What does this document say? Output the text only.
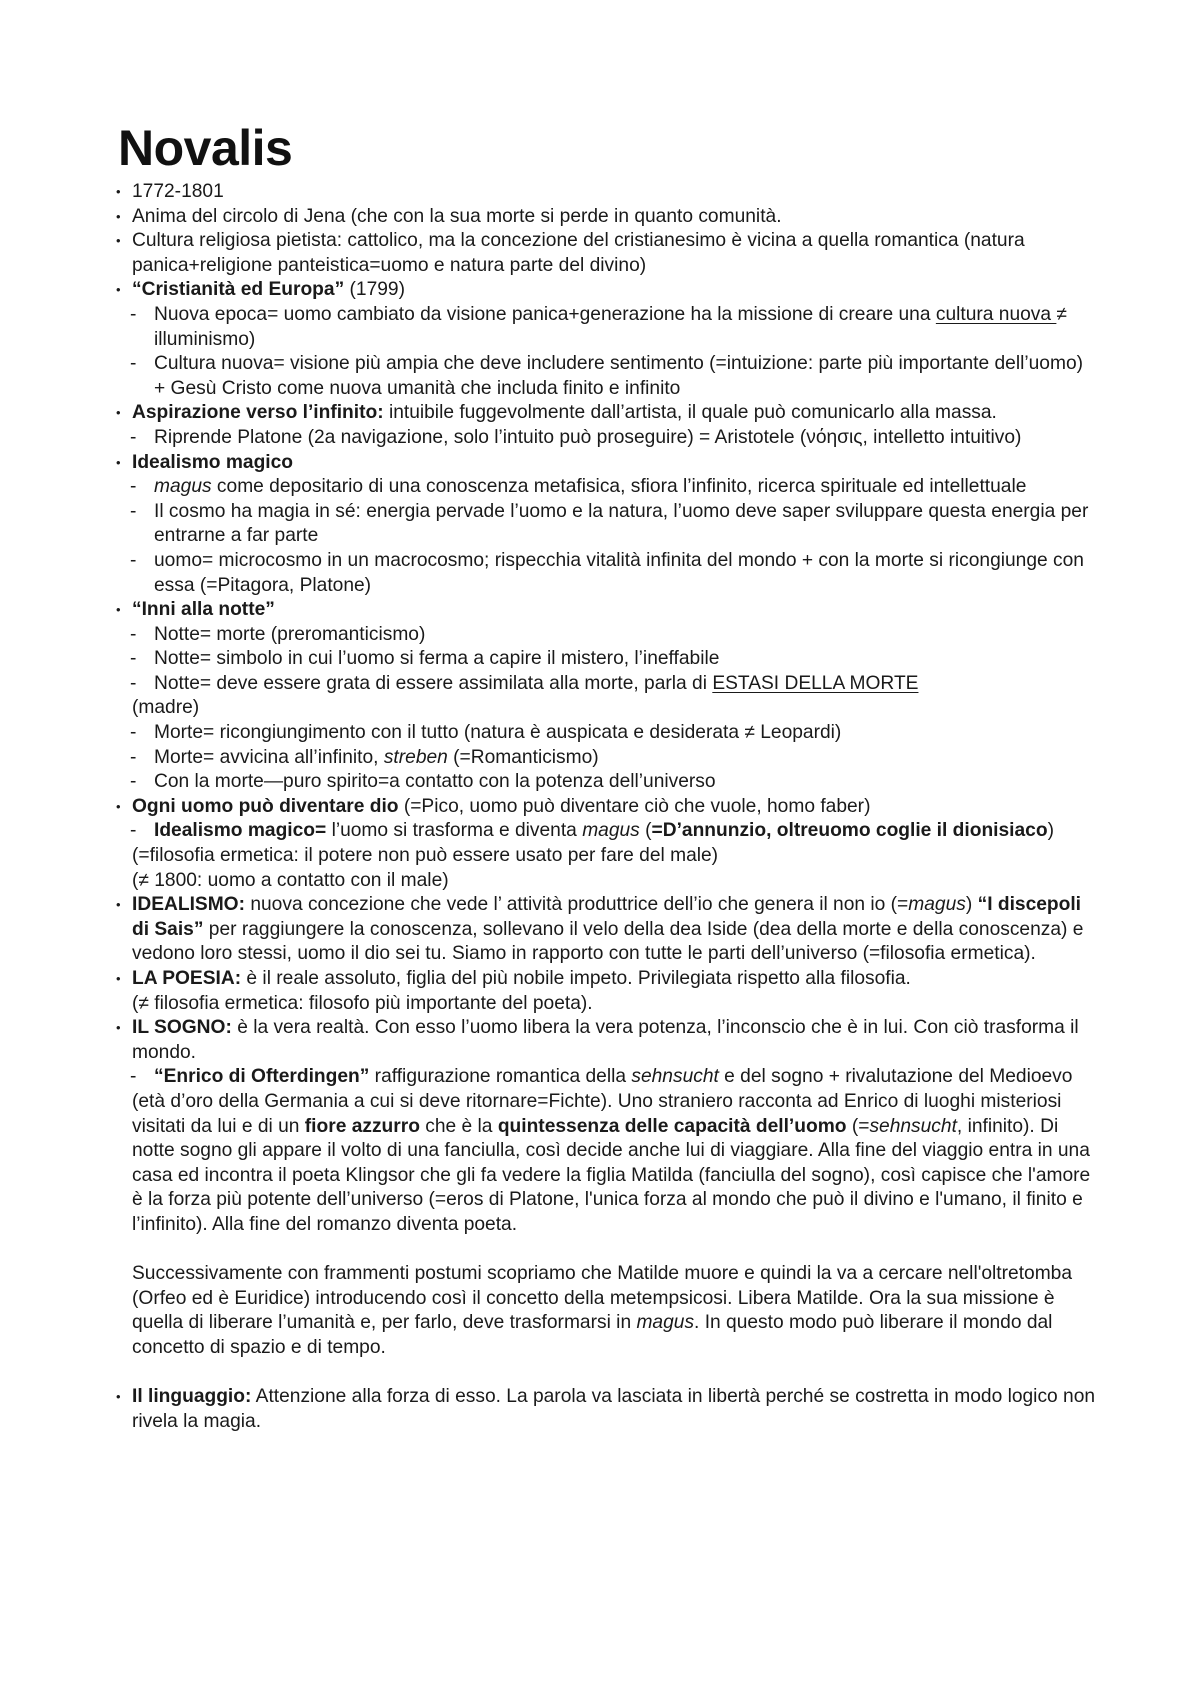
Novalis
• 1772-1801
• Anima del circolo di Jena (che con la sua morte si perde in quanto comunità.
• Cultura religiosa pietista: cattolico, ma la concezione del cristianesimo è vicina a quella romantica (natura panica+religione panteistica=uomo e natura parte del divino)
• “Cristianità ed Europa” (1799)
- Nuova epoca= uomo cambiato da visione panica+generazione ha la missione di creare una cultura nuova ≠ illuminismo)
- Cultura nuova= visione più ampia che deve includere sentimento (=intuizione: parte più importante dell’uomo) + Gesù Cristo come nuova umanità che includa finito e infinito
• Aspirazione verso l’infinito: intuibile fuggevolmente dall’artista, il quale può comunicarlo alla massa.
- Riprende Platone (2a navigazione, solo l’intuito può proseguire) = Aristotele (νόησις, intelletto intuitivo)
• Idealismo magico
- magus come depositario di una conoscenza metafisica, sfiora l’infinito, ricerca spirituale ed intellettuale
- Il cosmo ha magia in sé: energia pervade l’uomo e la natura, l’uomo deve saper sviluppare questa energia per entrarne a far parte
- uomo= microcosmo in un macrocosmo; rispecchia vitalità infinita del mondo + con la morte si ricongiunge con essa (=Pitagora, Platone)
• “Inni alla notte”
- Notte= morte (preromanticismo)
- Notte= simbolo in cui l’uomo si ferma a capire il mistero, l’ineffabile
- Notte= deve essere grata di essere assimilata alla morte, parla di ESTASI DELLA MORTE
(madre)
- Morte= ricongiungimento con il tutto (natura è auspicata e desiderata ≠ Leopardi)
- Morte= avvicina all’infinito, streben (=Romanticismo)
- Con la morte—puro spirito=a contatto con la potenza dell’universo
• Ogni uomo può diventare dio (=Pico, uomo può diventare ciò che vuole, homo faber)
- Idealismo magico= l’uomo si trasforma e diventa magus (=D’annunzio, oltreuomo coglie il dionisiaco) (=filosofia ermetica: il potere non può essere usato per fare del male)
(≠ 1800: uomo a contatto con il male)
• IDEALISMO: nuova concezione che vede l’ attività produttrice dell’io che genera il non io (=magus) “I discepoli di Sais” per raggiungere la conoscenza, sollevano il velo della dea Iside (dea della morte e della conoscenza) e vedono loro stessi, uomo il dio sei tu. Siamo in rapporto con tutte le parti dell’universo (=filosofia ermetica).
• LA POESIA: è il reale assoluto, figlia del più nobile impeto. Privilegiata rispetto alla filosofia.
(≠ filosofia ermetica: filosofo più importante del poeta).
• IL SOGNO: è la vera realtà. Con esso l’uomo libera la vera potenza, l’inconscio che è in lui. Con ciò trasforma il mondo.
- “Enrico di Ofterdingen” raffigurazione romantica della sehnsucht e del sogno + rivalutazione del Medioevo (età d’oro della Germania a cui si deve ritornare=Fichte). Uno straniero racconta ad Enrico di luoghi misteriosi visitati da lui e di un fiore azzurro che è la quintessenza delle capacità dell’uomo (=sehnsucht, infinito). Di notte sogno gli appare il volto di una fanciulla, così decide anche lui di viaggiare. Alla fine del viaggio entra in una casa ed incontra il poeta Klingsor che gli fa vedere la figlia Matilda (fanciulla del sogno), così capisce che l'amore è la forza più potente dell’universo (=eros di Platone, l'unica forza al mondo che può il divino e l'umano, il finito e l’infinito). Alla fine del romanzo diventa poeta.
Successivamente con frammenti postumi scopriamo che Matilde muore e quindi la va a cercare nell'oltretomba (Orfeo ed è Euridice) introducendo così il concetto della metempsicosi. Libera Matilde. Ora la sua missione è quella di liberare l’umanità e, per farlo, deve trasformarsi in magus. In questo modo può liberare il mondo dal concetto di spazio e di tempo.
• Il linguaggio: Attenzione alla forza di esso. La parola va lasciata in libertà perché se costretta in modo logico non rivela la magia.
